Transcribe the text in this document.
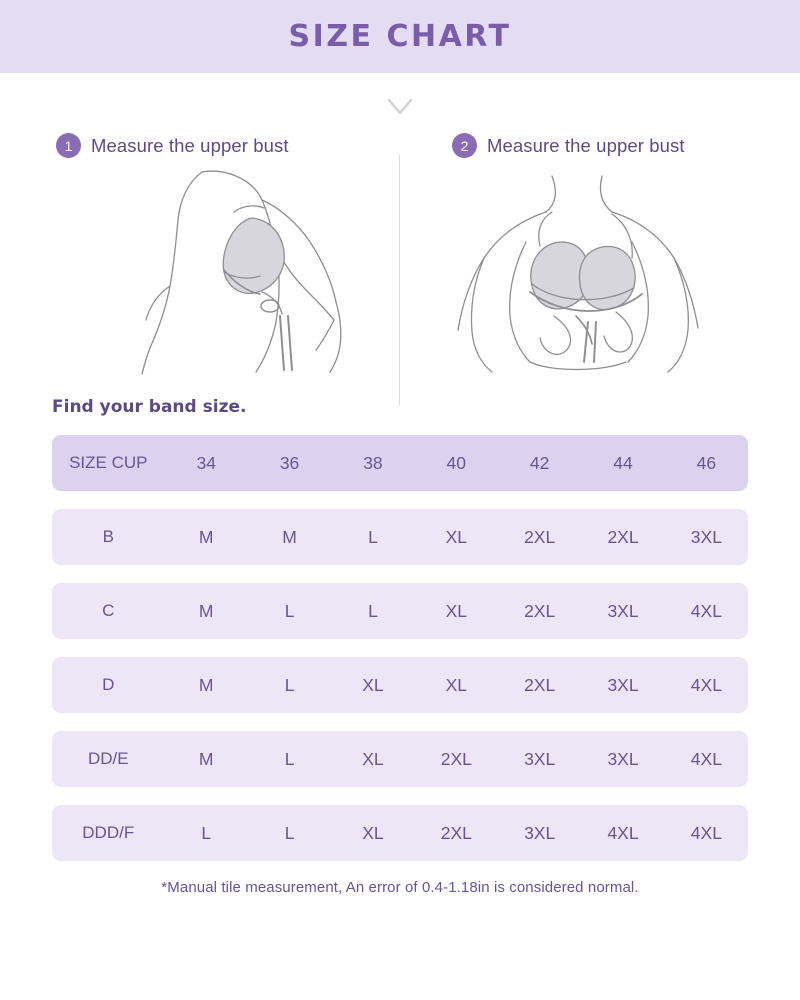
SIZE CHART
1	Measure the upper bust	2	Measure the upper bust
Find your band size.
SIZE CUP	34	36	38	40	42	44	46
B	M	M	L	XL	2XL	2XL	3XL
C	M	L	L	XL	2XL	3XL	4XL
D	M	L	XL	XL	2XL	3XL	4XL
DD/E	M	L	XL	2XL	3XL	3XL	4XL
DDD/F	L	L	XL	2XL	3XL	4XL	4XL
*Manual tile measurement, An error of 0.4-1.18in is considered normal.
